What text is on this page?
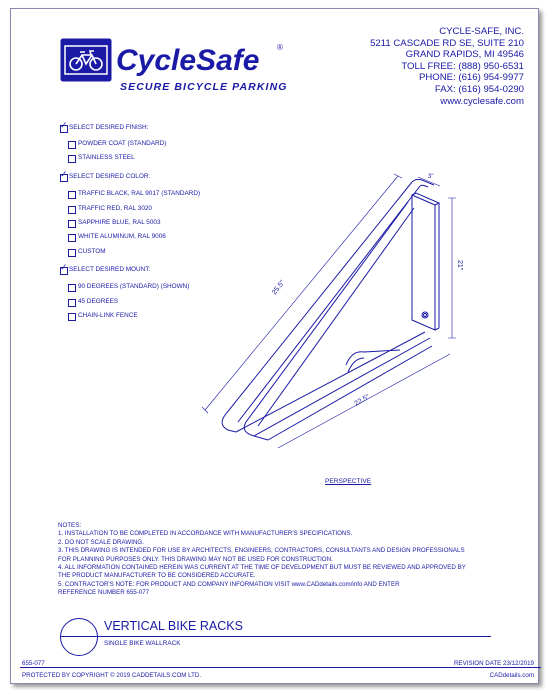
CycleSafe ®
SECURE BICYCLE PARKING
CYCLE-SAFE, INC.
5211 CASCADE RD SE, SUITE 210
GRAND RAPIDS, MI 49546
TOLL FREE: (888) 950-6531
PHONE: (616) 954-9977
FAX: (616) 954-0290
www.cyclesafe.com
✓ SELECT DESIRED FINISH:
POWDER COAT (STANDARD)
STAINLESS STEEL
✓ SELECT DESIRED COLOR:
TRAFFIC BLACK, RAL 9017 (STANDARD)
TRAFFIC RED, RAL 3020
SAPPHIRE BLUE, RAL 5003
WHITE ALUMINUM, RAL 9006
CUSTOM
✓ SELECT DESIRED MOUNT:
90 DEGREES (STANDARD) (SHOWN)
45 DEGREES
CHAIN-LINK FENCE
25.5"
22.5"
21"
3"
PERSPECTIVE
NOTES:
1. INSTALLATION TO BE COMPLETED IN ACCORDANCE WITH MANUFACTURER'S SPECIFICATIONS.
2. DO NOT SCALE DRAWING.
3. THIS DRAWING IS INTENDED FOR USE BY ARCHITECTS, ENGINEERS, CONTRACTORS, CONSULTANTS AND DESIGN PROFESSIONALS
FOR PLANNING PURPOSES ONLY. THIS DRAWING MAY NOT BE USED FOR CONSTRUCTION.
4. ALL INFORMATION CONTAINED HEREIN WAS CURRENT AT THE TIME OF DEVELOPMENT BUT MUST BE REVIEWED AND APPROVED BY
THE PRODUCT MANUFACTURER TO BE CONSIDERED ACCURATE.
5. CONTRACTOR'S NOTE: FOR PRODUCT AND COMPANY INFORMATION VISIT www.CADdetails.com/info AND ENTER
REFERENCE NUMBER 655-077
VERTICAL BIKE RACKS
SINGLE BIKE WALLRACK
655-077	REVISION DATE 23/12/2019
PROTECTED BY COPYRIGHT © 2019 CADDETAILS.COM LTD.	CADdetails.com
